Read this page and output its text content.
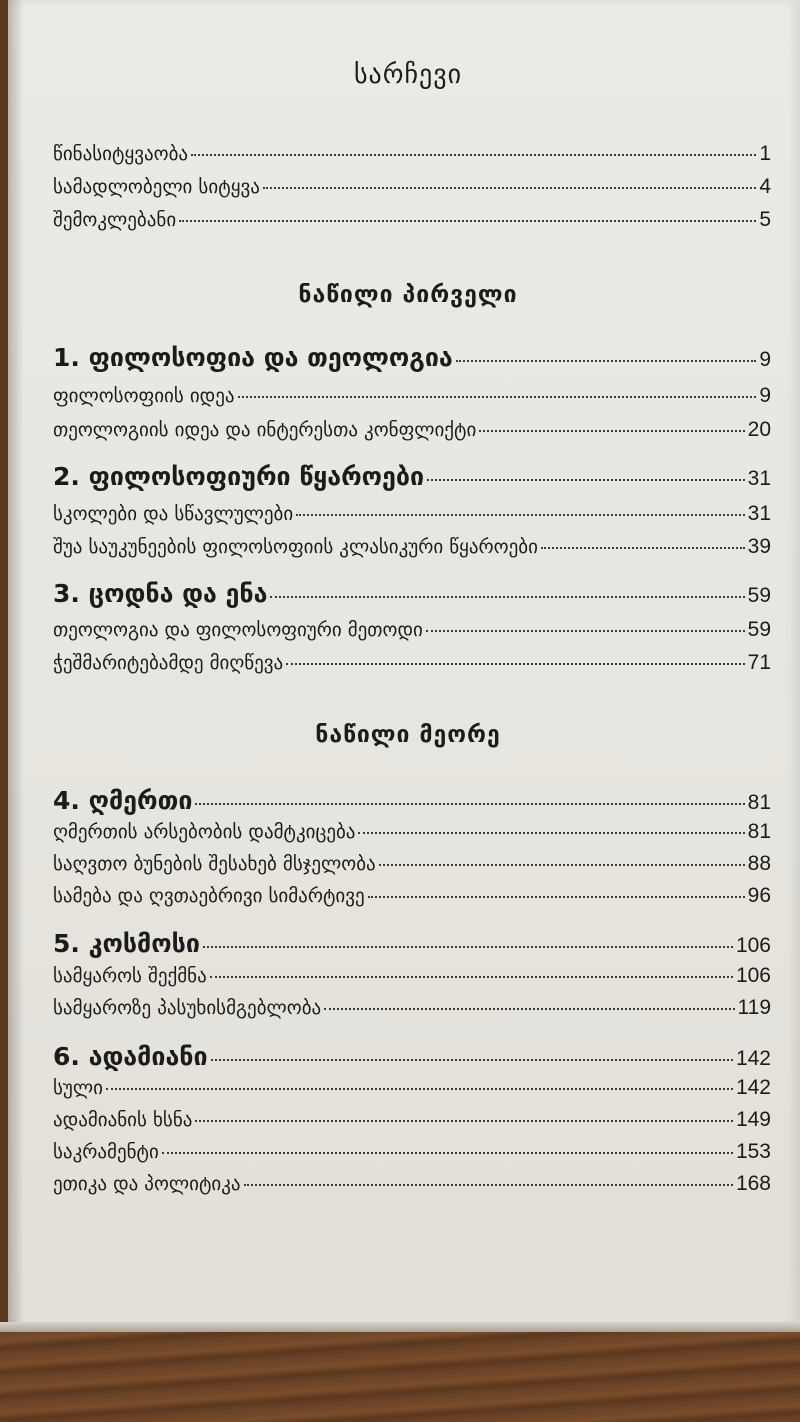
სარჩევი
წინასიტყვაობა	1
სამადლობელი სიტყვა	4
შემოკლებანი	5
ნაწილი პირველი
1. ფილოსოფია და თეოლოგია	9
ფილოსოფიის იდეა	9
თეოლოგიის იდეა და ინტერესთა კონფლიქტი	20
2. ფილოსოფიური წყაროები	31
სკოლები და სწავლულები	31
შუა საუკუნეების ფილოსოფიის კლასიკური წყაროები	39
3. ცოდნა და ენა	59
თეოლოგია და ფილოსოფიური მეთოდი	59
ჭეშმარიტებამდე მიღწევა	71
ნაწილი მეორე
4. ღმერთი	81
ღმერთის არსებობის დამტკიცება	81
საღვთო ბუნების შესახებ მსჯელობა	88
სამება და ღვთაებრივი სიმარტივე	96
5. კოსმოსი	106
სამყაროს შექმნა	106
სამყაროზე პასუხისმგებლობა	119
6. ადამიანი	142
სული	142
ადამიანის ხსნა	149
საკრამენტი	153
ეთიკა და პოლიტიკა	168
